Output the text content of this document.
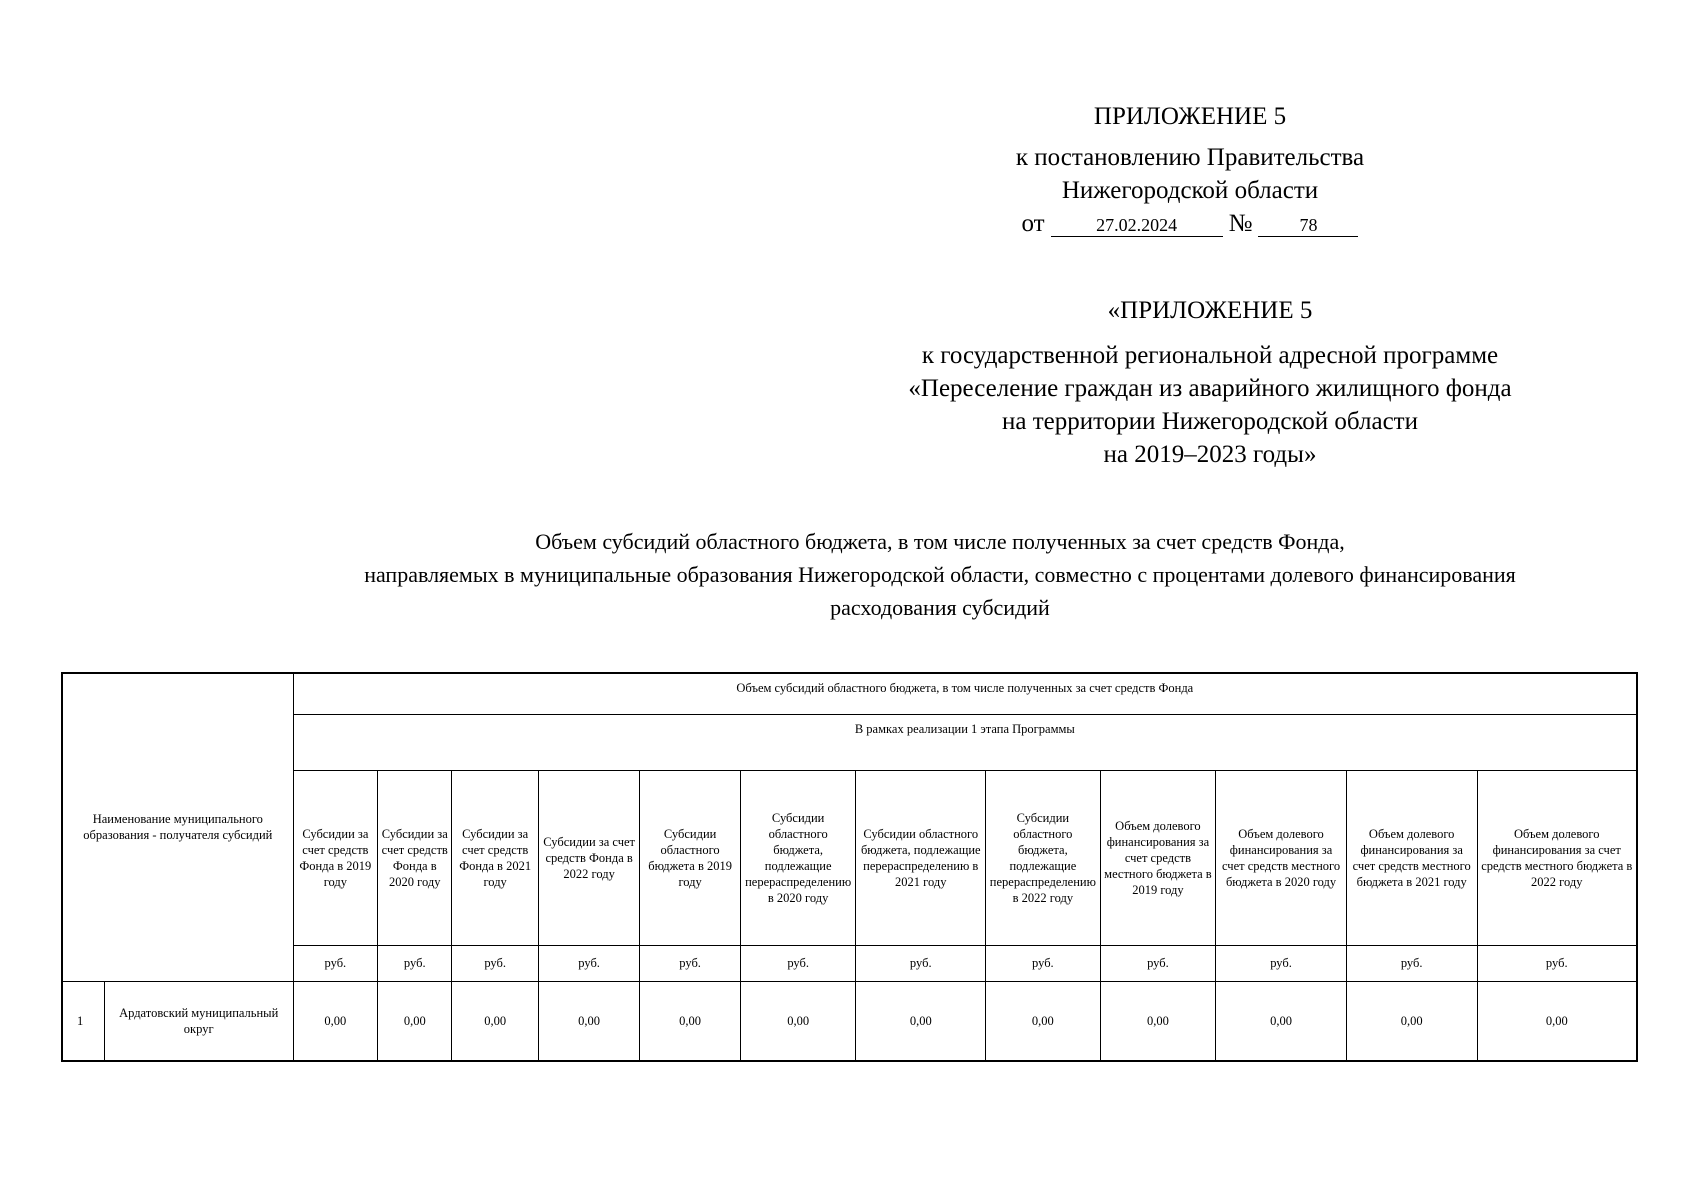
ПРИЛОЖЕНИЕ 5
к постановлению Правительства
Нижегородской области
от	27.02.2024	№	78
«ПРИЛОЖЕНИЕ 5
к государственной региональной адресной программе
«Переселение граждан из аварийного жилищного фонда
на территории Нижегородской области
на 2019–2023 годы»
Объем субсидий областного бюджета, в том числе полученных за счет средств Фонда,
направляемых в муниципальные образования Нижегородской области, совместно с процентами долевого финансирования
расходования субсидий
Наименование муниципального образования - получателя субсидий		Объем субсидий областного бюджета, в том числе полученных за счет средств Фонда											
		В рамках реализации 1 этапа Программы											
		Субсидии за счет средств Фонда в 2019 году	Субсидии за счет средств Фонда в 2020 году	Субсидии за счет средств Фонда в 2021 году	Субсидии за счет средств Фонда в 2022 году	Субсидии областного бюджета в 2019 году	Субсидии областного бюджета, подлежащие перераспределению в 2020 году	Субсидии областного бюджета, подлежащие перераспределению в 2021 году	Субсидии областного бюджета, подлежащие перераспределению в 2022 году	Объем долевого финансирования за счет средств местного бюджета в 2019 году	Объем долевого финансирования за счет средств местного бюджета в 2020 году	Объем долевого финансирования за счет средств местного бюджета в 2021 году	Объем долевого финансирования за счет средств местного бюджета в 2022 году
		руб.	руб.	руб.	руб.	руб.	руб.	руб.	руб.	руб.	руб.	руб.	руб.
1	Ардатовский муниципальный округ	0,00	0,00	0,00	0,00	0,00	0,00	0,00	0,00	0,00	0,00	0,00	0,00
